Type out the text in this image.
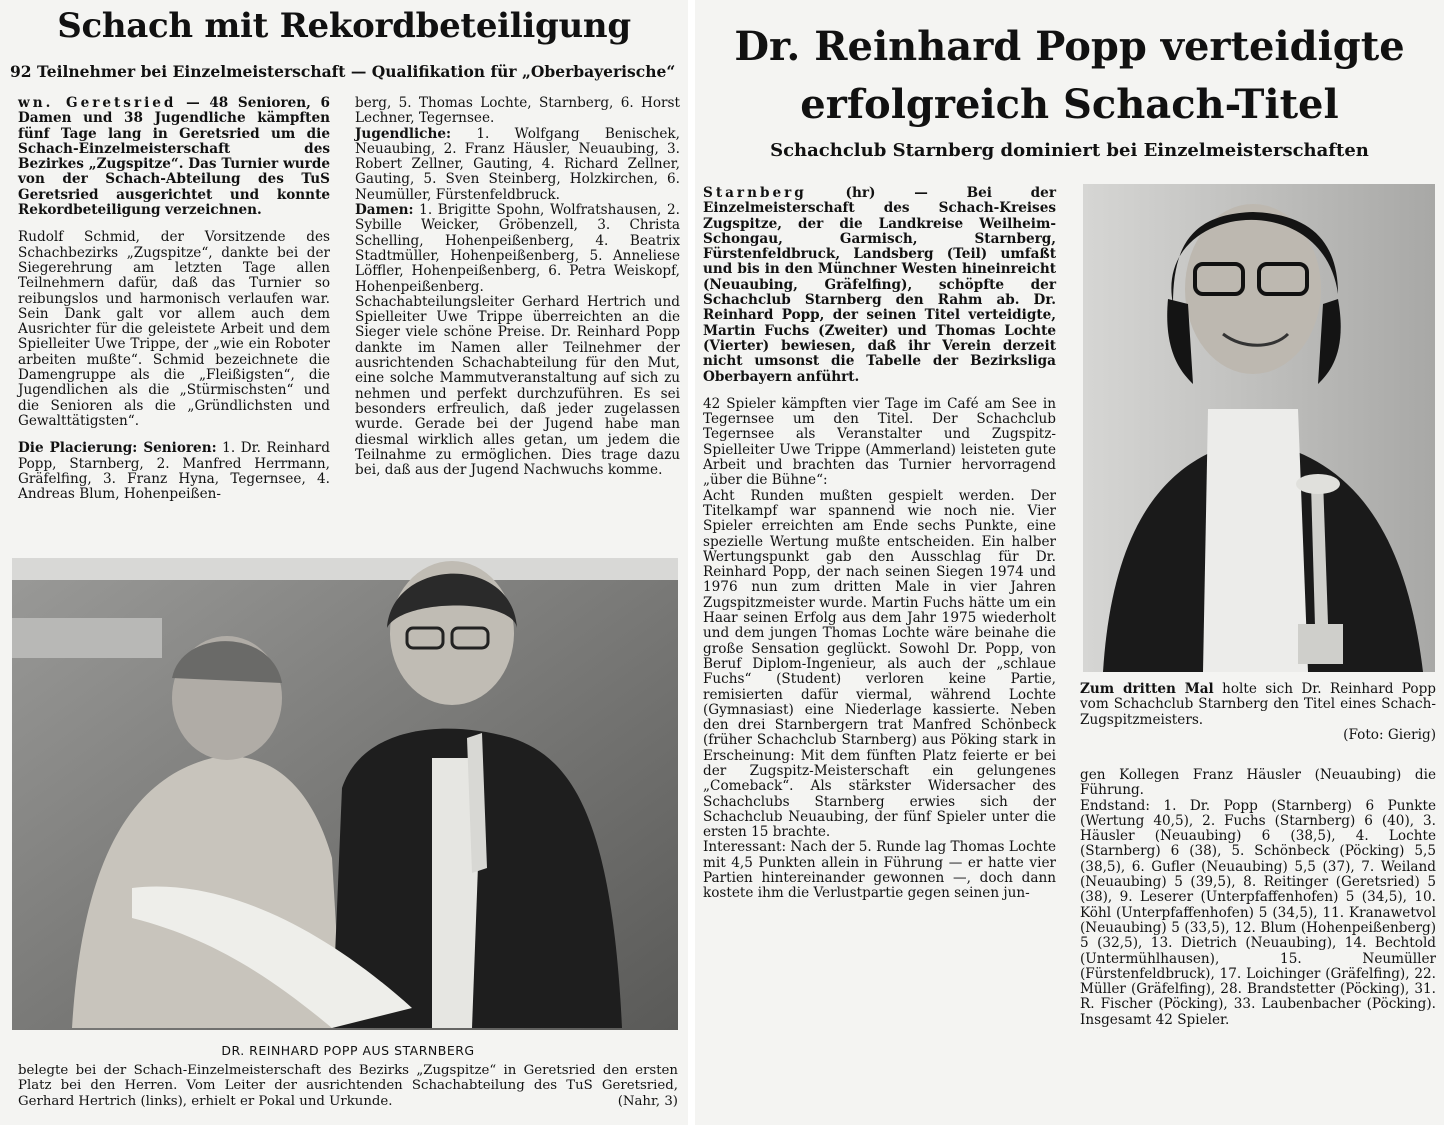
Schach mit Rekordbeteiligung
92 Teilnehmer bei Einzelmeisterschaft — Qualifikation für „Oberbayerische“

wn. Geretsried — 48 Senioren, 6 Damen und 38 Jugendliche kämpften fünf Tage lang in Geretsried um die Schach-Einzelmeisterschaft des Bezirkes „Zugspitze“. Das Turnier wurde von der Schach-Abteilung des TuS Geretsried ausgerichtet und konnte Rekordbeteiligung verzeichnen.

Rudolf Schmid, der Vorsitzende des Schachbezirks „Zugspitze“, dankte bei der Siegerehrung am letzten Tage allen Teilnehmern dafür, daß das Turnier so reibungslos und harmonisch verlaufen war. Sein Dank galt vor allem auch dem Ausrichter für die geleistete Arbeit und dem Spielleiter Uwe Trippe, der „wie ein Roboter arbeiten mußte“. Schmid bezeichnete die Damengruppe als die „Fleißigsten“, die Jugendlichen als die „Stürmischsten“ und die Senioren als die „Gründlichsten und Gewalttätigsten“.

Die Placierung: Senioren: 1. Dr. Reinhard Popp, Starnberg, 2. Manfred Herrmann, Gräfelfing, 3. Franz Hyna, Tegernsee, 4. Andreas Blum, Hohenpeißen-

berg, 5. Thomas Lochte, Starnberg, 6. Horst Lechner, Tegernsee.

Jugendliche: 1. Wolfgang Benischek, Neuaubing, 2. Franz Häusler, Neuaubing, 3. Robert Zellner, Gauting, 4. Richard Zellner, Gauting, 5. Sven Steinberg, Holzkirchen, 6. Neumüller, Fürstenfeldbruck.

Damen: 1. Brigitte Spohn, Wolfratshausen, 2. Sybille Weicker, Gröbenzell, 3. Christa Schelling, Hohenpeißenberg, 4. Beatrix Stadtmüller, Hohenpeißenberg, 5. Anneliese Löffler, Hohenpeißenberg, 6. Petra Weiskopf, Hohenpeißenberg.

Schachabteilungsleiter Gerhard Hertrich und Spielleiter Uwe Trippe überreichten an die Sieger viele schöne Preise. Dr. Reinhard Popp dankte im Namen aller Teilnehmer der ausrichtenden Schachabteilung für den Mut, eine solche Mammutveranstaltung auf sich zu nehmen und perfekt durchzuführen. Es sei besonders erfreulich, daß jeder zugelassen wurde. Gerade bei der Jugend habe man diesmal wirklich alles getan, um jedem die Teilnahme zu ermöglichen. Dies trage dazu bei, daß aus der Jugend Nachwuchs komme.

DR. REINHARD POPP AUS STARNBERG
belegte bei der Schach-Einzelmeisterschaft des Bezirks „Zugspitze“ in Geretsried den ersten Platz bei den Herren. Vom Leiter der ausrichtenden Schachabteilung des TuS Geretsried, Gerhard Hertrich (links), erhielt er Pokal und Urkunde.	(Nahr, 3)
Dr. Reinhard Popp verteidigte
erfolgreich Schach-Titel
Schachclub Starnberg dominiert bei Einzelmeisterschaften

Starnberg (hr) — Bei der Einzelmeisterschaft des Schach-Kreises Zugspitze, der die Landkreise Weilheim-Schongau, Garmisch, Starnberg, Fürstenfeldbruck, Landsberg (Teil) umfaßt und bis in den Münchner Westen hineinreicht (Neuaubing, Gräfelfing), schöpfte der Schachclub Starnberg den Rahm ab. Dr. Reinhard Popp, der seinen Titel verteidigte, Martin Fuchs (Zweiter) und Thomas Lochte (Vierter) bewiesen, daß ihr Verein derzeit nicht umsonst die Tabelle der Bezirksliga Oberbayern anführt.

42 Spieler kämpften vier Tage im Café am See in Tegernsee um den Titel. Der Schachclub Tegernsee als Veranstalter und Zugspitz-Spielleiter Uwe Trippe (Ammerland) leisteten gute Arbeit und brachten das Turnier hervorragend „über die Bühne“:

Acht Runden mußten gespielt werden. Der Titelkampf war spannend wie noch nie. Vier Spieler erreichten am Ende sechs Punkte, eine spezielle Wertung mußte entscheiden. Ein halber Wertungspunkt gab den Ausschlag für Dr. Reinhard Popp, der nach seinen Siegen 1974 und 1976 nun zum dritten Male in vier Jahren Zugspitzmeister wurde. Martin Fuchs hätte um ein Haar seinen Erfolg aus dem Jahr 1975 wiederholt und dem jungen Thomas Lochte wäre beinahe die große Sensation geglückt. Sowohl Dr. Popp, von Beruf Diplom-Ingenieur, als auch der „schlaue Fuchs“ (Student) verloren keine Partie, remisierten dafür viermal, während Lochte (Gymnasiast) eine Niederlage kassierte. Neben den drei Starnbergern trat Manfred Schönbeck (früher Schachclub Starnberg) aus Pöking stark in Erscheinung: Mit dem fünften Platz feierte er bei der Zugspitz-Meisterschaft ein gelungenes „Comeback“. Als stärkster Widersacher des Schachclubs Starnberg erwies sich der Schachclub Neuaubing, der fünf Spieler unter die ersten 15 brachte.

Interessant: Nach der 5. Runde lag Thomas Lochte mit 4,5 Punkten allein in Führung — er hatte vier Partien hintereinander gewonnen —, doch dann kostete ihm die Verlustpartie gegen seinen jun-

Zum dritten Mal holte sich Dr. Reinhard Popp vom Schachclub Starnberg den Titel eines Schach-Zugspitzmeisters.
(Foto: Gierig)

gen Kollegen Franz Häusler (Neuaubing) die Führung.

Endstand: 1. Dr. Popp (Starnberg) 6 Punkte (Wertung 40,5), 2. Fuchs (Starnberg) 6 (40), 3. Häusler (Neuaubing) 6 (38,5), 4. Lochte (Starnberg) 6 (38), 5. Schönbeck (Pöcking) 5,5 (38,5), 6. Gufler (Neuaubing) 5,5 (37), 7. Weiland (Neuaubing) 5 (39,5), 8. Reitinger (Geretsried) 5 (38), 9. Leserer (Unterpfaffenhofen) 5 (34,5), 10. Köhl (Unterpfaffenhofen) 5 (34,5), 11. Kranawetvol (Neuaubing) 5 (33,5), 12. Blum (Hohenpeißenberg) 5 (32,5), 13. Dietrich (Neuaubing), 14. Bechtold (Untermühlhausen), 15. Neumüller (Fürstenfeldbruck), 17. Loichinger (Gräfelfing), 22. Müller (Gräfelfing), 28. Brandstetter (Pöcking), 31. R. Fischer (Pöcking), 33. Laubenbacher (Pöcking). Insgesamt 42 Spieler.
